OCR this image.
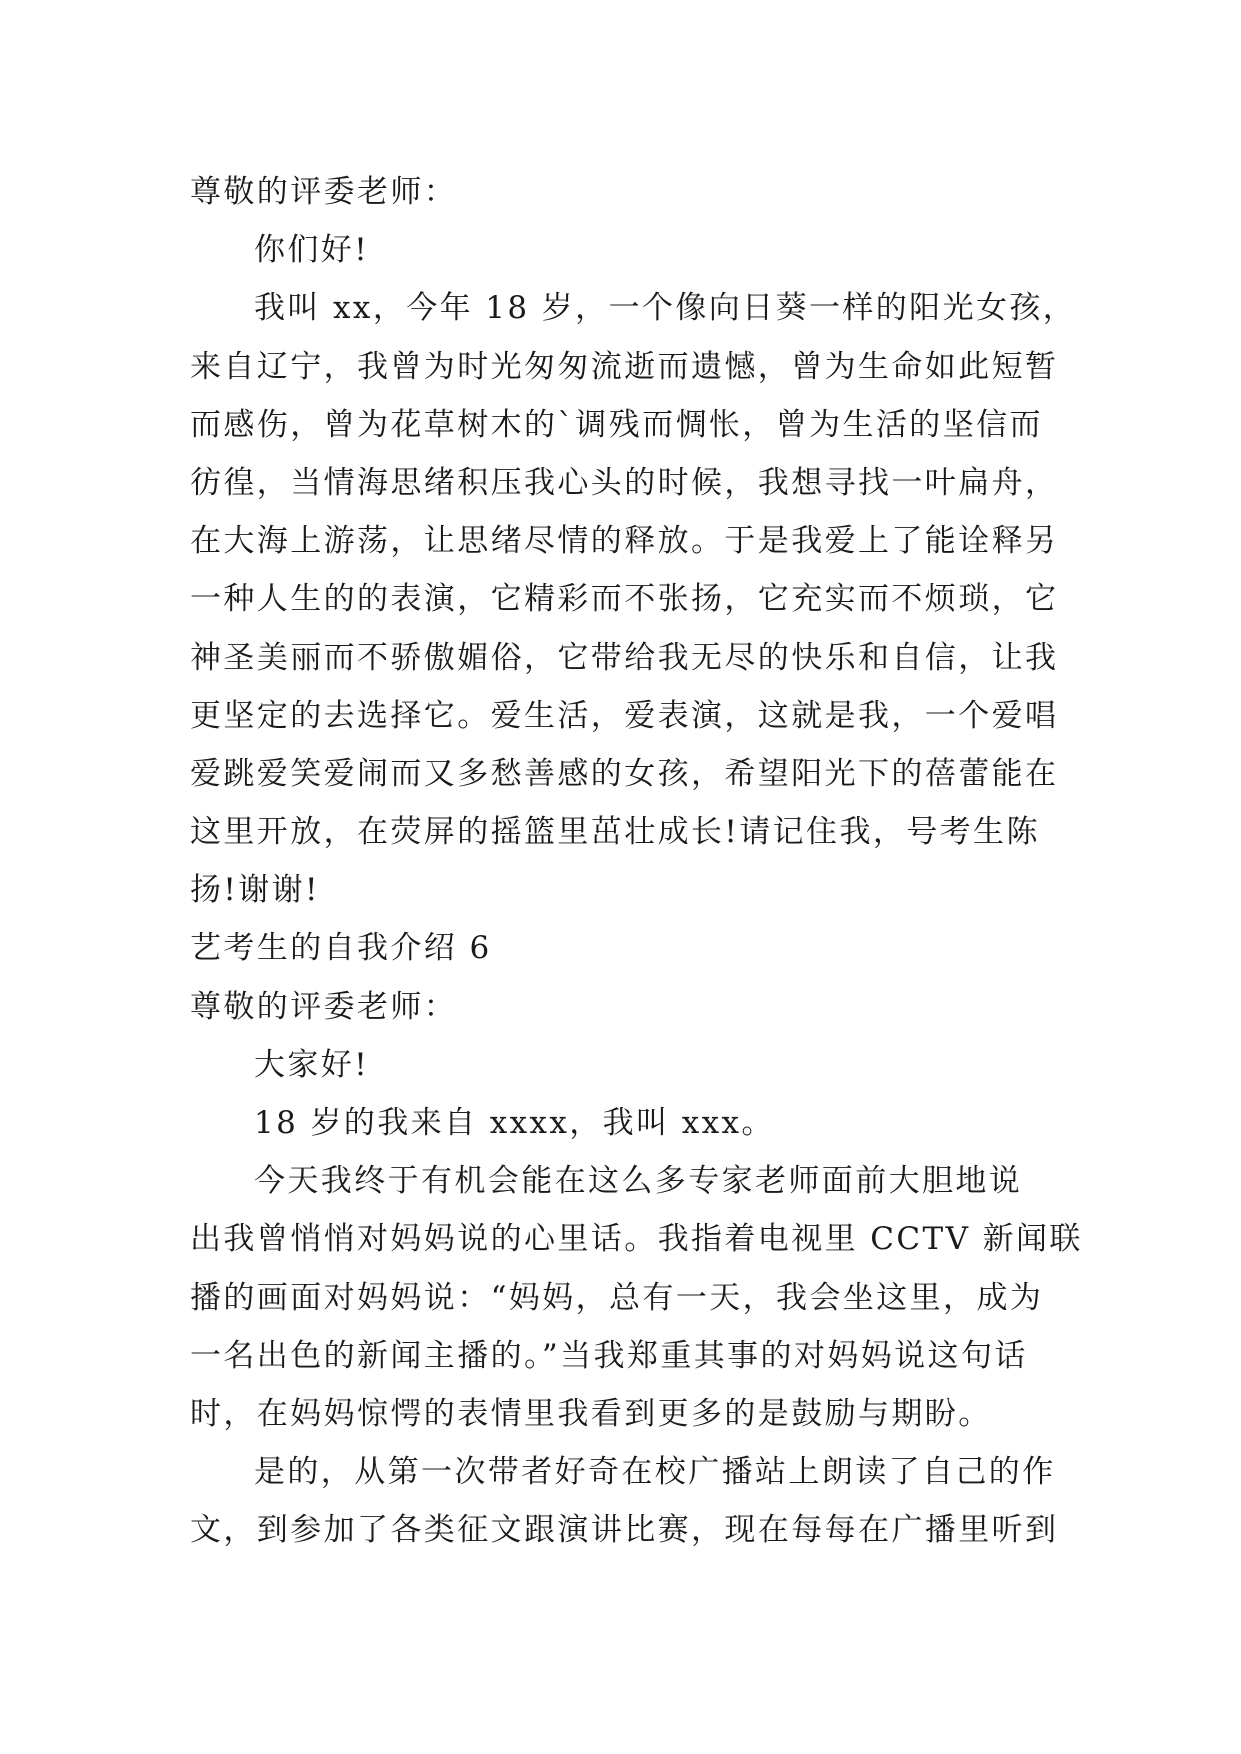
尊敬的评委老师：
你们好!
我叫 xx，今年 18 岁，一个像向日葵一样的阳光女孩，
来自辽宁，我曾为时光匆匆流逝而遗憾，曾为生命如此短暂
而感伤，曾为花草树木的`调残而惆怅，曾为生活的坚信而
彷徨，当情海思绪积压我心头的时候，我想寻找一叶扁舟，
在大海上游荡，让思绪尽情的释放。于是我爱上了能诠释另
一种人生的的表演，它精彩而不张扬，它充实而不烦琐，它
神圣美丽而不骄傲媚俗，它带给我无尽的快乐和自信，让我
更坚定的去选择它。爱生活，爱表演，这就是我，一个爱唱
爱跳爱笑爱闹而又多愁善感的女孩，希望阳光下的蓓蕾能在
这里开放，在荧屏的摇篮里茁壮成长!请记住我，号考生陈
扬!谢谢!
艺考生的自我介绍 6
尊敬的评委老师：
大家好!
18 岁的我来自 xxxx，我叫 xxx。
今天我终于有机会能在这么多专家老师面前大胆地说
出我曾悄悄对妈妈说的心里话。我指着电视里 CCTV 新闻联
播的画面对妈妈说：“妈妈，总有一天，我会坐这里，成为
一名出色的新闻主播的。”当我郑重其事的对妈妈说这句话
时，在妈妈惊愕的表情里我看到更多的是鼓励与期盼。
是的，从第一次带者好奇在校广播站上朗读了自己的作
文，到参加了各类征文跟演讲比赛，现在每每在广播里听到
